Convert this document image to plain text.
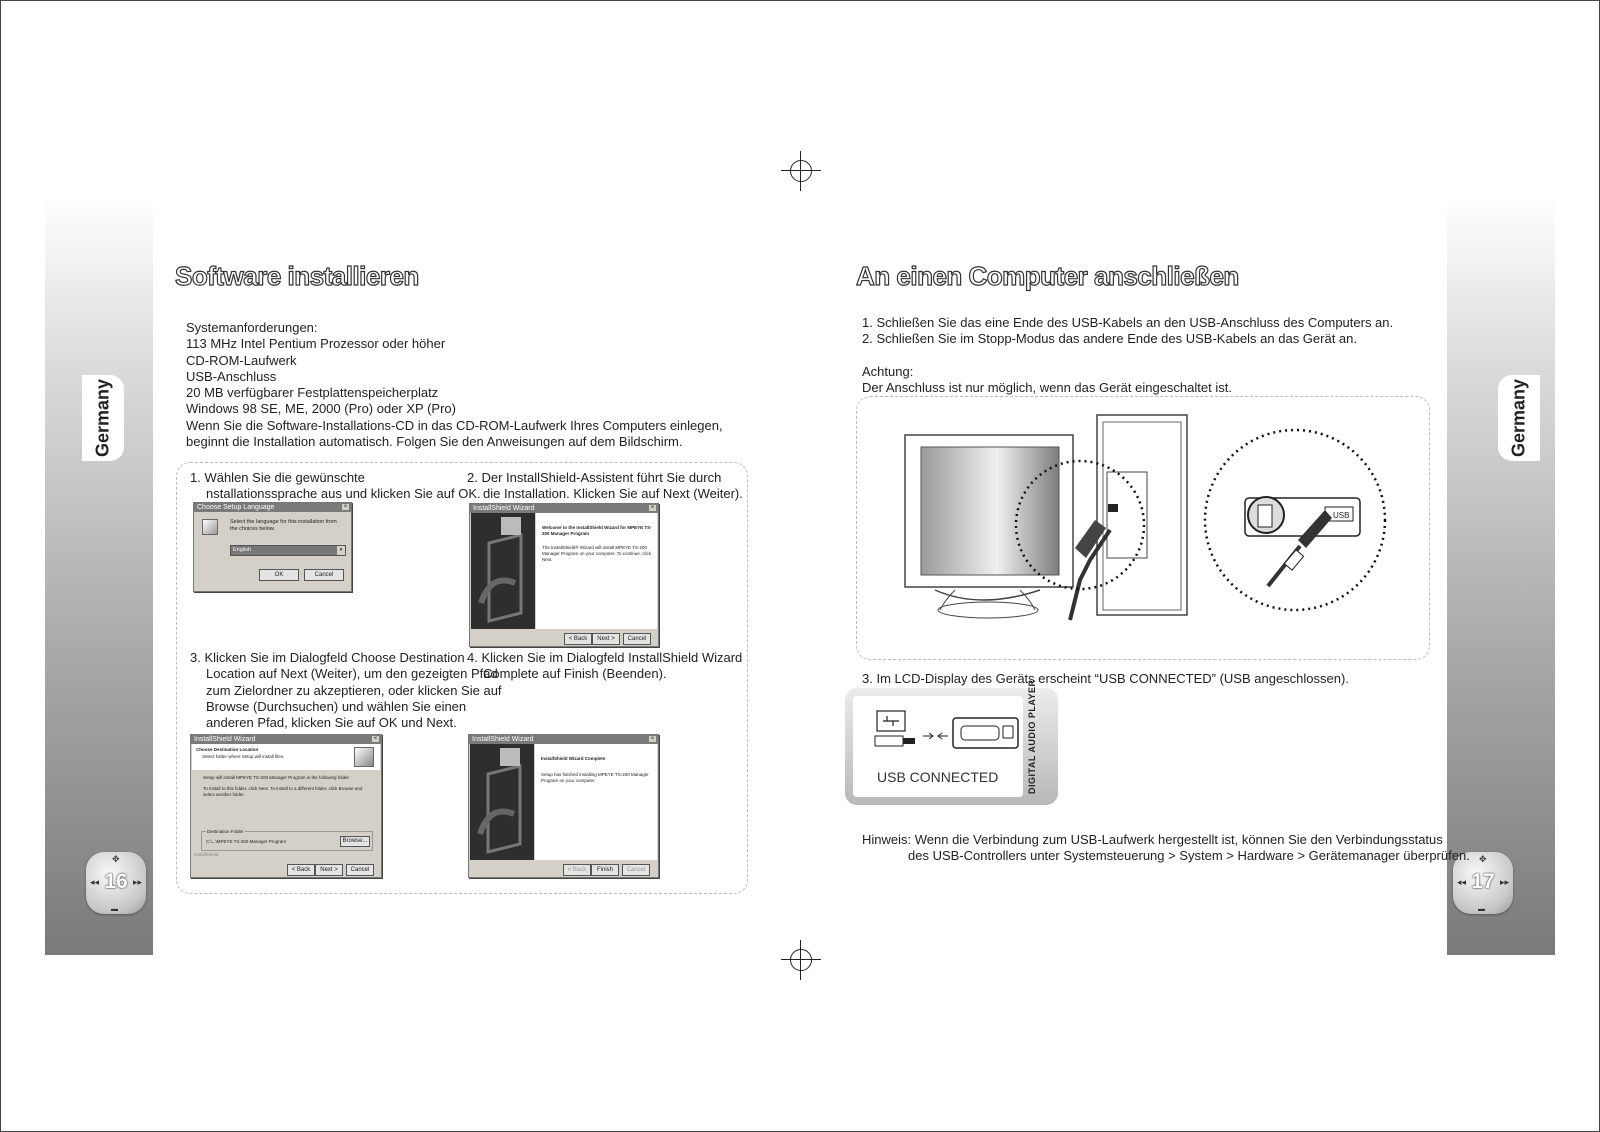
Germany	Germany
✥
◂◂ 16 ▸▸
▬
✥
◂◂ 17 ▸▸
▬
Software installieren
Systemanforderungen:
113 MHz Intel Pentium Prozessor oder höher
CD-ROM-Laufwerk
USB-Anschluss
20 MB verfügbarer Festplattenspeicherplatz
Windows 98 SE, ME, 2000 (Pro) oder XP (Pro)
Wenn Sie die Software-Installations-CD in das CD-ROM-Laufwerk Ihres Computers einlegen,
beginnt die Installation automatisch. Folgen Sie den Anweisungen auf dem Bildschirm.
1. Wählen Sie die gewünschte
nstallationssprache aus und klicken Sie auf OK.
2. Der InstallShield-Assistent führt Sie durch
die Installation. Klicken Sie auf Next (Weiter).
3. Klicken Sie im Dialogfeld Choose Destination
Location auf Next (Weiter), um den gezeigten Pfad
zum Zielordner zu akzeptieren, oder klicken Sie auf
Browse (Durchsuchen) und wählen Sie einen
anderen Pfad, klicken Sie auf OK und Next.
4. Klicken Sie im Dialogfeld InstallShield Wizard
Complete auf Finish (Beenden).
Choose Setup Language	×
Select the language for this installation from the choices below.
English	▾
OK	Cancel
InstallShield Wizard	×
Welcome to the InstallShield Wizard for MPEYE TS-200 Manager Program
The InstallShield® Wizard will install MPEYE TS-200 Manager Program on your computer. To continue, click Next.
< Back	Next >	Cancel
InstallShield Wizard	×
Choose Destination Location
Select folder where Setup will install files.
Setup will install MPEYE TS-200 Manager Program in the following folder.
To install to this folder, click Next. To install to a different folder, click Browse and select another folder.
Destination Folder
C:\...\MPEYE TS-200 Manager Program	Browse...
InstallShield
< Back	Next >	Cancel
InstallShield Wizard	×
InstallShield Wizard Complete
Setup has finished installing MPEYE TS-200 Manager Program on your computer.
< Back	Finish	Cancel
An einen Computer anschließen
1. Schließen Sie das eine Ende des USB-Kabels an den USB-Anschluss des Computers an.
2. Schließen Sie im Stopp-Modus das andere Ende des USB-Kabels an das Gerät an.
Achtung:
Der Anschluss ist nur möglich, wenn das Gerät eingeschaltet ist.
USB
3. Im LCD-Display des Geräts erscheint “USB CONNECTED” (USB angeschlossen).
USB CONNECTED	DIGITAL AUDIO PLAYER
Hinweis: Wenn die Verbindung zum USB-Laufwerk hergestellt ist, können Sie den Verbindungsstatus
des USB-Controllers unter Systemsteuerung > System > Hardware > Gerätemanager überprüfen.
